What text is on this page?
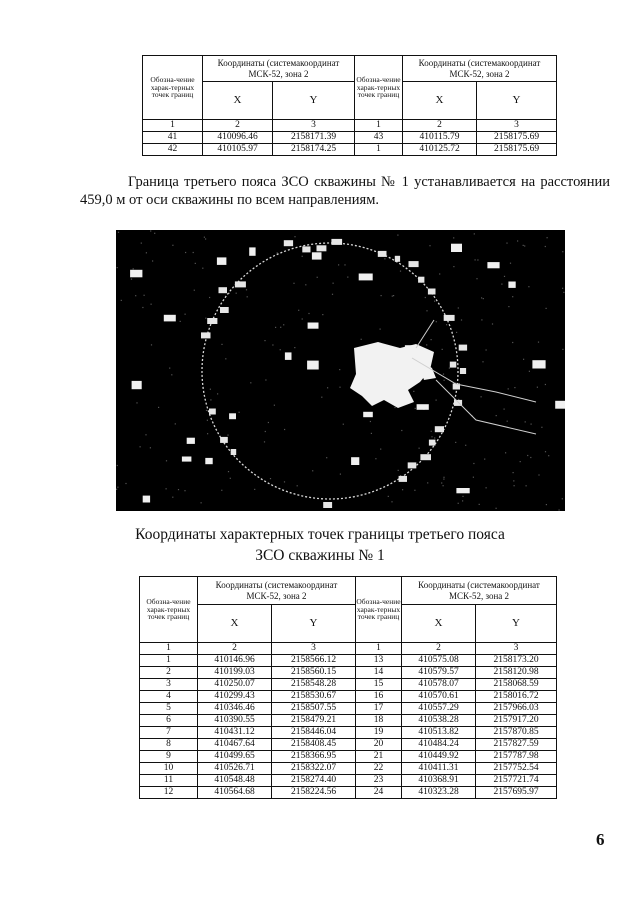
Обозна-чение харак-терных точек границ	Координаты (системакоординат МСК-52, зона 2		Обозна-чение харак-терных точек границ	Координаты (системакоординат МСК-52, зона 2	
	X	Y		X	Y
1	2	3	1	2	3
41	410096.46	2158171.39	43	410115.79	2158175.69
42	410105.97	2158174.25	1	410125.72	2158175.69

Граница третьего пояса ЗСО скважины № 1 устанавливается на расстоянии 459,0 м от оси скважины по всем направлениям.

Координаты характерных точек границы третьего пояса ЗСО скважины № 1

Обозна-чение харак-терных точек границ	Координаты (системакоординат МСК-52, зона 2		Обозна-чение харак-терных точек границ	Координаты (системакоординат МСК-52, зона 2	
	X	Y		X	Y
1	2	3	1	2	3
1	410146.96	2158566.12	13	410575.08	2158173.20
2	410199.03	2158560.15	14	410579.57	2158120.98
3	410250.07	2158548.28	15	410578.07	2158068.59
4	410299.43	2158530.67	16	410570.61	2158016.72
5	410346.46	2158507.55	17	410557.29	2157966.03
6	410390.55	2158479.21	18	410538.28	2157917.20
7	410431.12	2158446.04	19	410513.82	2157870.85
8	410467.64	2158408.45	20	410484.24	2157827.59
9	410499.65	2158366.95	21	410449.92	2157787.98
10	410526.71	2158322.07	22	410411.31	2157752.54
11	410548.48	2158274.40	23	410368.91	2157721.74
12	410564.68	2158224.56	24	410323.28	2157695.97
6
